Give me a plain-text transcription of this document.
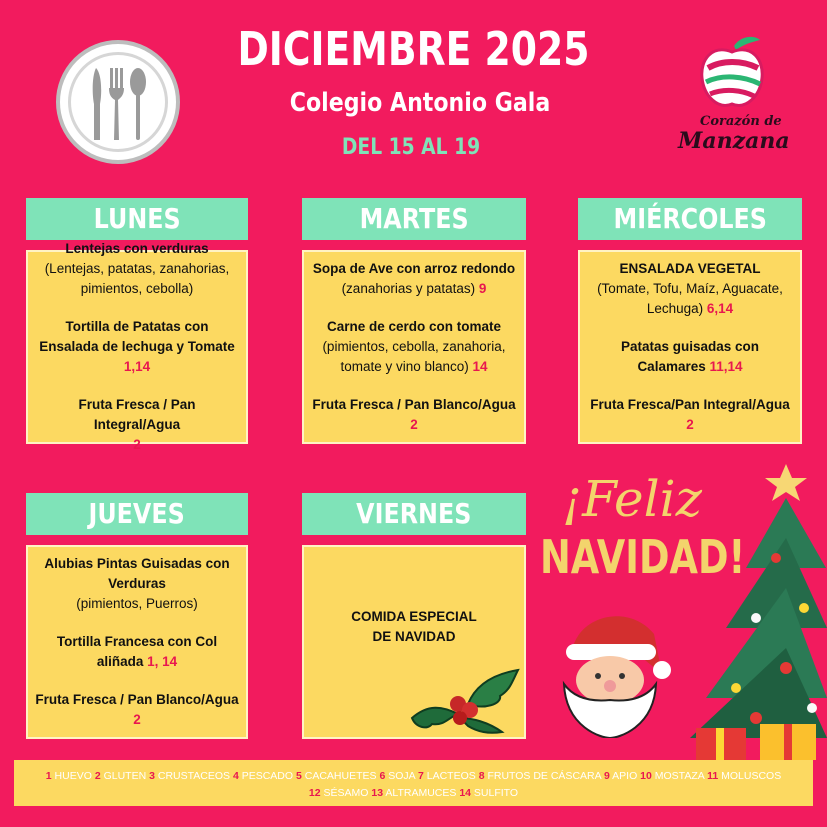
DICIEMBRE 2025
Colegio Antonio Gala
DEL 15 AL 19
Corazón de
Manzana
LUNES
Lentejas con verduras
(Lentejas, patatas, zanahorias, pimientos, cebolla)
Tortilla de Patatas con Ensalada de lechuga y Tomate 1,14
Fruta Fresca / Pan Integral/Agua
2
MARTES
Sopa de Ave con arroz redondo
(zanahorias y patatas) 9
Carne de cerdo con tomate
(pimientos, cebolla, zanahoria, tomate y vino blanco) 14
Fruta Fresca / Pan Blanco/Agua
2
MIÉRCOLES
ENSALADA VEGETAL
(Tomate, Tofu, Maíz, Aguacate, Lechuga) 6,14
Patatas guisadas con Calamares 11,14
Fruta Fresca/Pan Integral/Agua 2
JUEVES
Alubias Pintas Guisadas con Verduras
(pimientos, Puerros)
Tortilla Francesa con Col aliñada 1, 14
Fruta Fresca / Pan Blanco/Agua 2
VIERNES
COMIDA ESPECIAL
DE NAVIDAD
¡Feliz
NAVIDAD!
1 HUEVO 2 GLUTEN 3 CRUSTACEOS 4 PESCADO 5 CACAHUETES 6 SOJA 7 LACTEOS 8 FRUTOS DE CÁSCARA 9 APIO 10 MOSTAZA 11 MOLUSCOS
12 SÉSAMO 13 ALTRAMUCES 14 SULFITO
